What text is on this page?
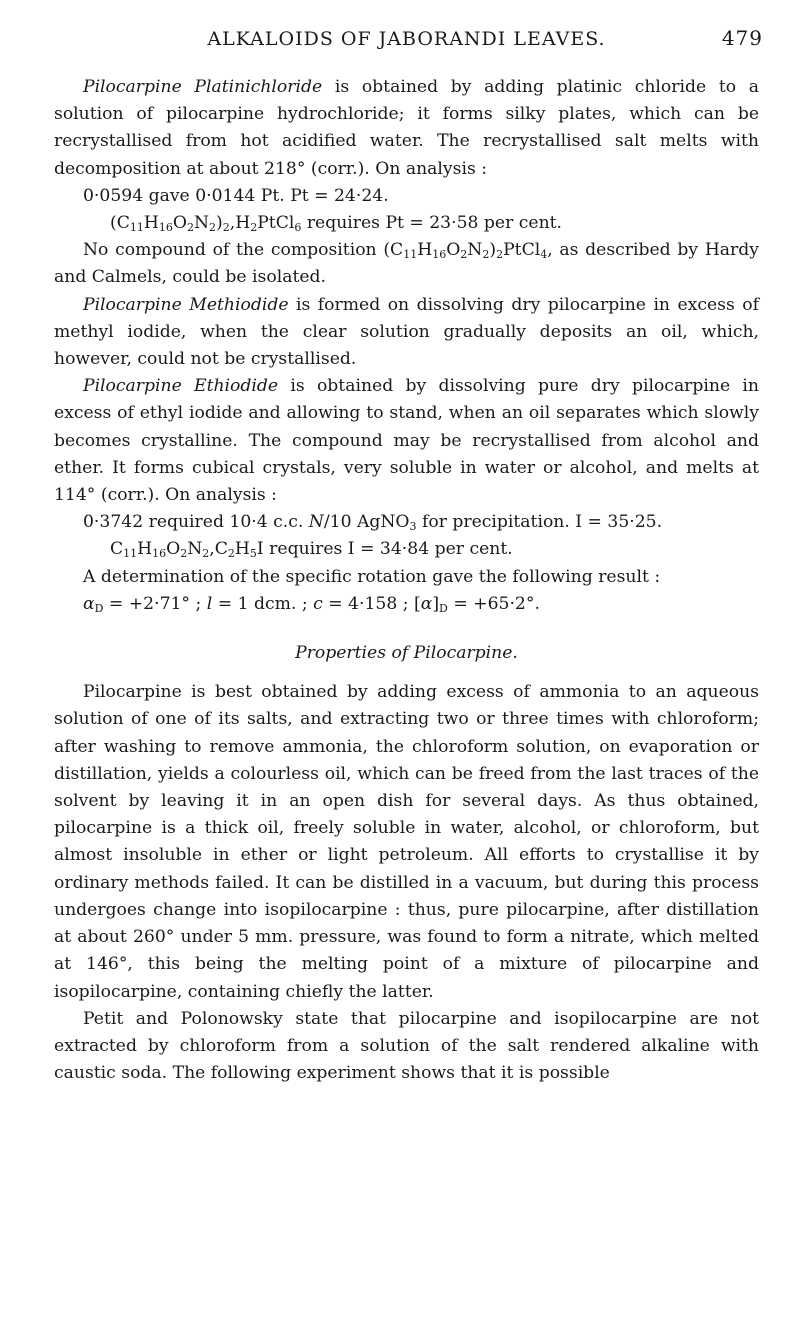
ALKALOIDS OF JABORANDI LEAVES.	479

Pilocarpine Platinichloride is obtained by adding platinic chloride to a solution of pilocarpine hydrochloride; it forms silky plates, which can be recrystallised from hot acidified water. The recrystallised salt melts with decomposition at about 218° (corr.). On analysis :

0·0594 gave 0·0144 Pt. Pt = 24·24.
$(C_{11}H_{16}O_2N_2)_2,H_2PtCl_6$ requires Pt = 23·58 per cent.

No compound of the composition $(C_{11}H_{16}O_2N_2)_2PtCl_4$, as described by Hardy and Calmels, could be isolated.

Pilocarpine Methiodide is formed on dissolving dry pilocarpine in excess of methyl iodide, when the clear solution gradually deposits an oil, which, however, could not be crystallised.

Pilocarpine Ethiodide is obtained by dissolving pure dry pilocarpine in excess of ethyl iodide and allowing to stand, when an oil separates which slowly becomes crystalline. The compound may be recrystallised from alcohol and ether. It forms cubical crystals, very soluble in water or alcohol, and melts at 114° (corr.). On analysis :

0·3742 required 10·4 c.c. N/10 AgNO$_3$ for precipitation. I = 35·25.
$C_{11}H_{16}O_2N_2,C_2H_5I$ requires I = 34·84 per cent.

A determination of the specific rotation gave the following result :

$\alpha_D = +2\cdot 71^\circ$ ; l = 1 dcm. ; c = 4·158 ; $[\alpha]_D = +65\cdot 2^\circ$.
Properties of Pilocarpine.

Pilocarpine is best obtained by adding excess of ammonia to an aqueous solution of one of its salts, and extracting two or three times with chloroform; after washing to remove ammonia, the chloroform solution, on evaporation or distillation, yields a colourless oil, which can be freed from the last traces of the solvent by leaving it in an open dish for several days. As thus obtained, pilocarpine is a thick oil, freely soluble in water, alcohol, or chloroform, but almost insoluble in ether or light petroleum. All efforts to crystallise it by ordinary methods failed. It can be distilled in a vacuum, but during this process undergoes change into isopilocarpine : thus, pure pilocarpine, after distillation at about 260° under 5 mm. pressure, was found to form a nitrate, which melted at 146°, this being the melting point of a mixture of pilocarpine and isopilocarpine, containing chiefly the latter.

Petit and Polonowsky state that pilocarpine and isopilocarpine are not extracted by chloroform from a solution of the salt rendered alkaline with caustic soda. The following experiment shows that it is possible
